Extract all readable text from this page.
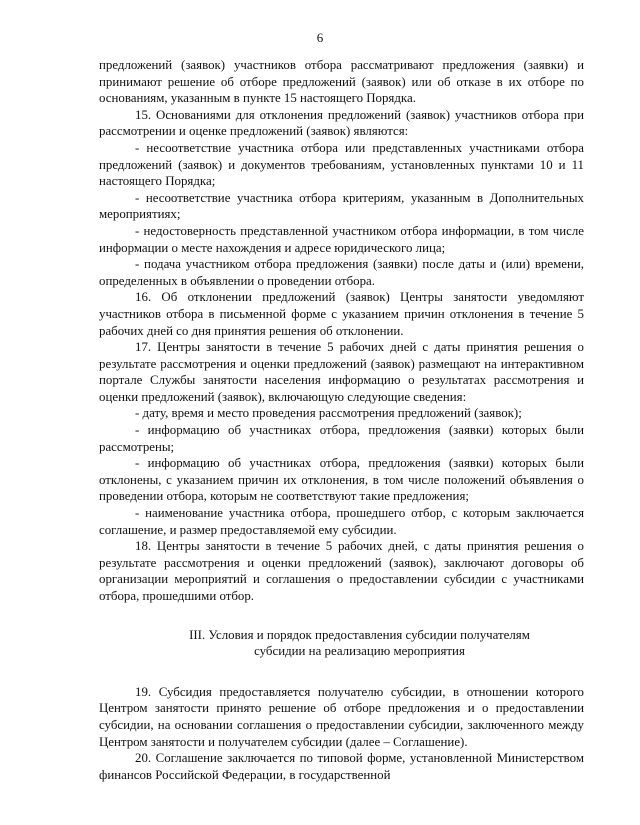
6

предложений (заявок) участников отбора рассматривают предложения (заявки) и принимают решение об отборе предложений (заявок) или об отказе в их отборе по основаниям, указанным в пункте 15 настоящего Порядка.

15. Основаниями для отклонения предложений (заявок) участников отбора при рассмотрении и оценке предложений (заявок) являются:

- несоответствие участника отбора или представленных участниками отбора предложений (заявок) и документов требованиям, установленных пунктами 10 и 11 настоящего Порядка;

- несоответствие участника отбора критериям, указанным в Дополнительных мероприятиях;

- недостоверность представленной участником отбора информации, в том числе информации о месте нахождения и адресе юридического лица;

- подача участником отбора предложения (заявки) после даты и (или) времени, определенных в объявлении о проведении отбора.

16. Об отклонении предложений (заявок) Центры занятости уведомляют участников отбора в письменной форме с указанием причин отклонения в течение 5 рабочих дней со дня принятия решения об отклонении.

17. Центры занятости в течение 5 рабочих дней с даты принятия решения о результате рассмотрения и оценки предложений (заявок) размещают на интерактивном портале Службы занятости населения информацию о результатах рассмотрения и оценки предложений (заявок), включающую следующие сведения:

- дату, время и место проведения рассмотрения предложений (заявок);

- информацию об участниках отбора, предложения (заявки) которых были рассмотрены;

- информацию об участниках отбора, предложения (заявки) которых были отклонены, с указанием причин их отклонения, в том числе положений объявления о проведении отбора, которым не соответствуют такие предложения;

- наименование участника отбора, прошедшего отбор, с которым заключается соглашение, и размер предоставляемой ему субсидии.

18. Центры занятости в течение 5 рабочих дней, с даты принятия решения о результате рассмотрения и оценки предложений (заявок), заключают договоры об организации мероприятий и соглашения о предоставлении субсидии с участниками отбора, прошедшими отбор.

III. Условия и порядок предоставления субсидии получателям
субсидии на реализацию мероприятия

19. Субсидия предоставляется получателю субсидии, в отношении которого Центром занятости принято решение об отборе предложения и о предоставлении субсидии, на основании соглашения о предоставлении субсидии, заключенного между Центром занятости и получателем субсидии (далее – Соглашение).

20. Соглашение заключается по типовой форме, установленной Министерством финансов Российской Федерации, в государственной
